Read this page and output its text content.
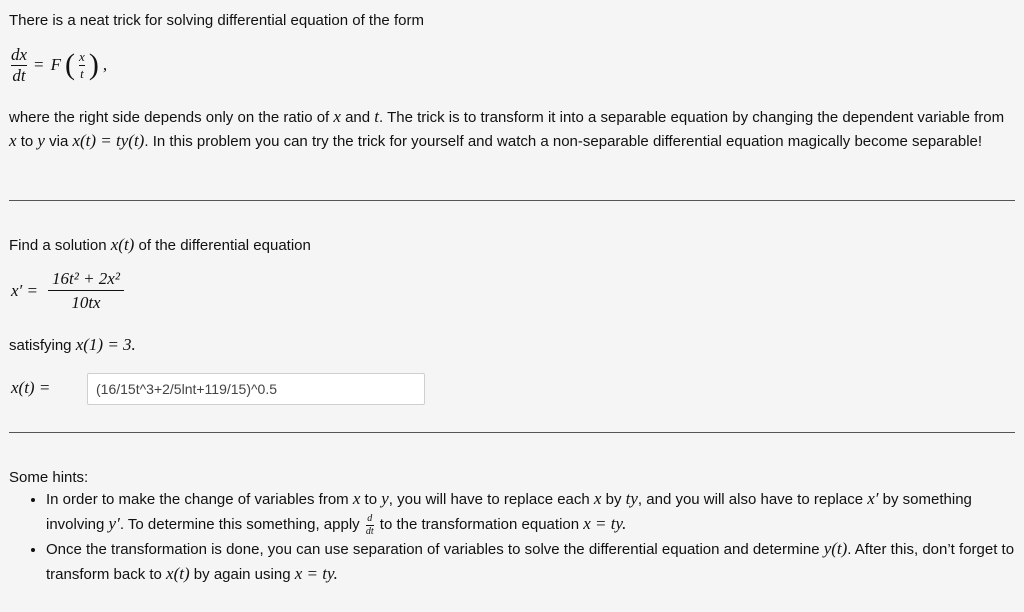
There is a neat trick for solving differential equation of the form

$\frac{dx}{dt} = F$ ( $\frac{x}{t}$ ) ,

where the right side depends only on the ratio of x and t. The trick is to transform it into a separable equation by changing the dependent variable from x to y via x(t) = ty(t). In this problem you can try the trick for yourself and watch a non-separable differential equation magically become separable!

Find a solution x(t) of the differential equation

$x' = \frac{\text{16t² + 2x²}}{10tx}$

satisfying x(1) = 3.

x(t) =
(16/15t^3+2/5lnt+119/15)^0.5

Some hints:

• In order to make the change of variables from x to y, you will have to replace each x by ty, and you will also have to replace x′ by something involving y′. To determine this something, apply $\frac{d}{dt}$ to the transformation equation x = ty.
• Once the transformation is done, you can use separation of variables to solve the differential equation and determine y(t). After this, don’t forget to transform back to x(t) by again using x = ty.
